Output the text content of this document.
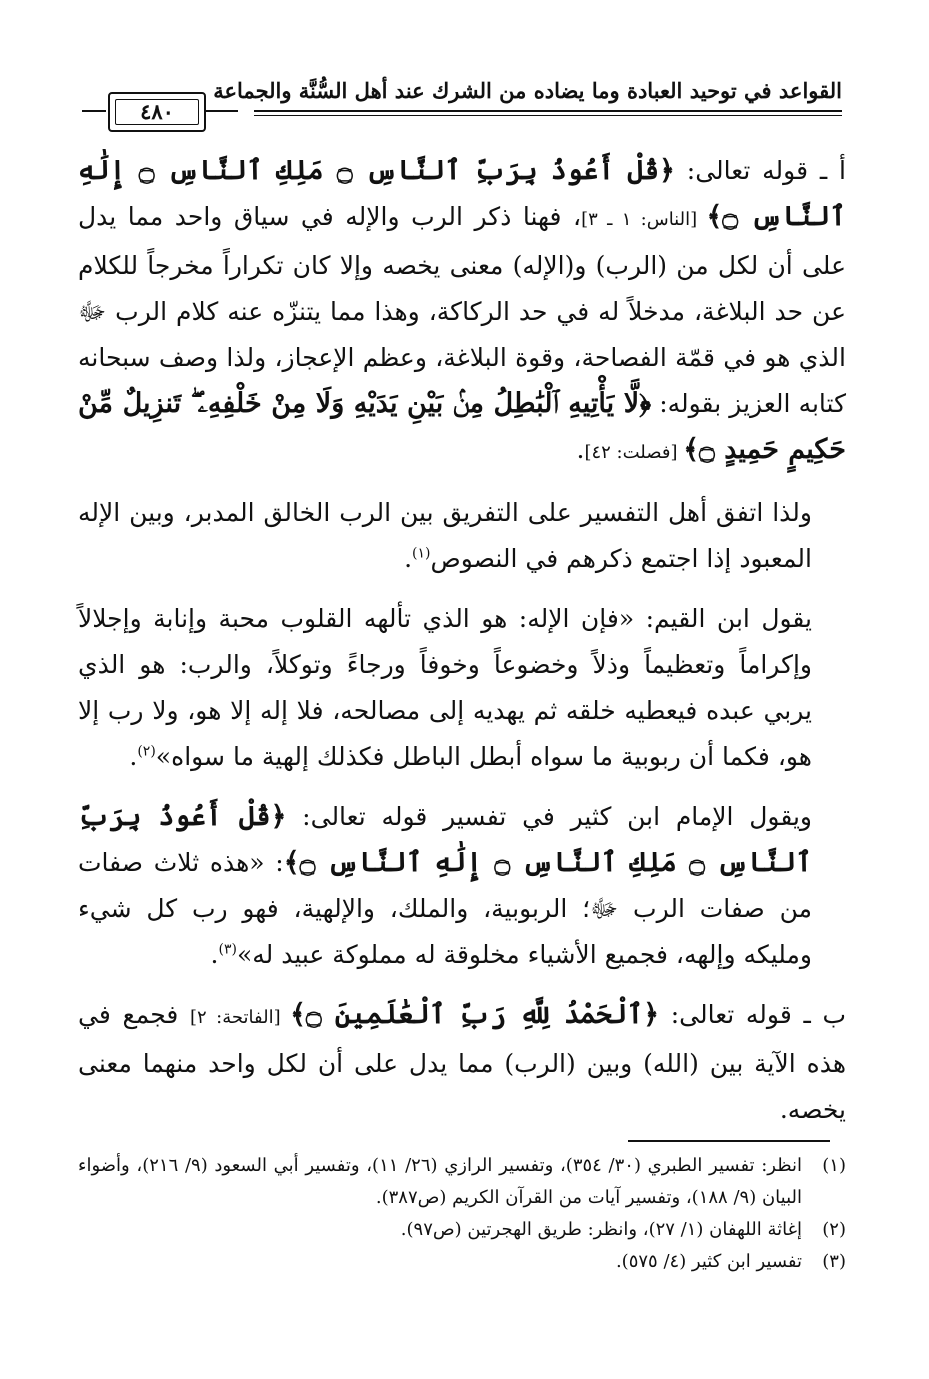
القواعد في توحيد العبادة وما يضاده من الشرك عند أهل السُّنَّة والجماعة
٤٨٠

أ ـ قوله تعالى: ﴿قُلْ أَعُوذُ بِرَبِّ ٱلنَّاسِ ۝ مَلِكِ ٱلنَّاسِ ۝ إِلَٰهِ ٱلنَّاسِ ۝﴾ [الناس: ١ ـ ٣]، فهنا ذكر الرب والإله في سياق واحد مما يدل على أن لكل من (الرب) و(الإله) معنى يخصه وإلا كان تكراراً مخرجاً للكلام عن حد البلاغة، مدخلاً له في حد الركاكة، وهذا مما يتنزّه عنه كلام الرب ﷻ الذي هو في قمّة الفصاحة، وقوة البلاغة، وعظم الإعجاز، ولذا وصف سبحانه كتابه العزيز بقوله: ﴿لَّا يَأْتِيهِ ٱلْبَٰطِلُ مِنۢ بَيْنِ يَدَيْهِ وَلَا مِنْ خَلْفِهِۦ ۖ تَنزِيلٌ مِّنْ حَكِيمٍ حَمِيدٍ ۝﴾ [فصلت: ٤٢].

ولذا اتفق أهل التفسير على التفريق بين الرب الخالق المدبر، وبين الإله المعبود إذا اجتمع ذكرهم في النصوص$^{(١)}$.

يقول ابن القيم: «فإن الإله: هو الذي تألهه القلوب محبة وإنابة وإجلالاً وإكراماً وتعظيماً وذلاً وخضوعاً وخوفاً ورجاءً وتوكلاً، والرب: هو الذي يربي عبده فيعطيه خلقه ثم يهديه إلى مصالحه، فلا إله إلا هو، ولا رب إلا هو، فكما أن ربوبية ما سواه أبطل الباطل فكذلك إلهية ما سواه»$^{(٢)}$.

ويقول الإمام ابن كثير في تفسير قوله تعالى: ﴿قُلْ أَعُوذُ بِرَبِّ ٱلنَّاسِ ۝ مَلِكِ ٱلنَّاسِ ۝ إِلَٰهِ ٱلنَّاسِ ۝﴾: «هذه ثلاث صفات من صفات الرب ﷻ؛ الربوبية، والملك، والإلهية، فهو رب كل شيء ومليكه وإلهه، فجميع الأشياء مخلوقة له مملوكة عبيد له»$^{(٣)}$.

ب ـ قوله تعالى: ﴿ٱلْحَمْدُ لِلَّهِ رَبِّ ٱلْعَٰلَمِينَ ۝﴾ [الفاتحة: ٢] فجمع في هذه الآية بين (الله) وبين (الرب) مما يدل على أن لكل واحد منهما معنى يخصه.

(١)
انظر: تفسير الطبري (٣٠/ ٣٥٤)، وتفسير الرازي (٢٦/ ١١)، وتفسير أبي السعود (٩/ ٢١٦)، وأضواء البيان (٩/ ١٨٨)، وتفسير آيات من القرآن الكريم (ص٣٨٧).
(٢)
إغاثة اللهفان (١/ ٢٧)، وانظر: طريق الهجرتين (ص٩٧).
(٣)
تفسير ابن كثير (٤/ ٥٧٥).
